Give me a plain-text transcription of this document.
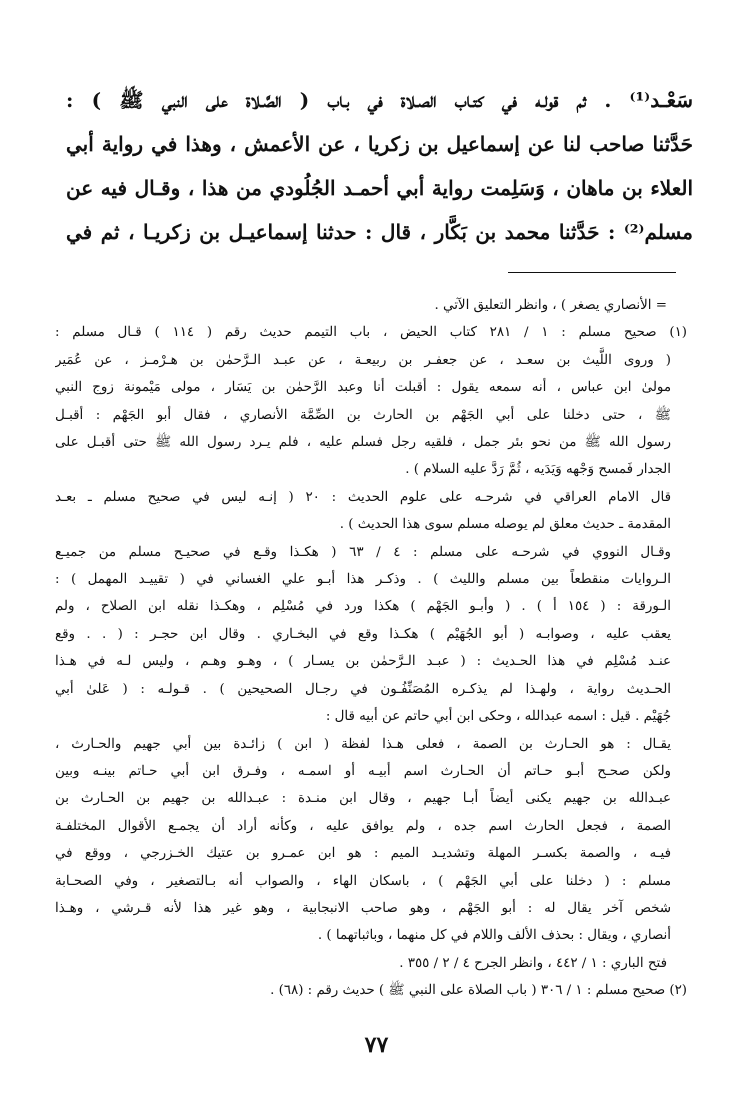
سَعْـد⁽¹⁾ . ثم قولـه في كتـاب الصـلاة في بـاب ( الصَّـلاة على النبي ﷺ ) :
حَدَّثنا صاحب لنا عن إسماعيل بن زكريا ، عن الأعمش ، وهذا في رواية أبي
العلاء بن ماهان ، وَسَلِمت رواية أبي أحمـد الجُلُودي من هذا ، وقـال فيه عن
مسلم⁽²⁾ : حَدَّثنا محمد بن بَكَّار ، قال : حدثنا إسماعيـل بن زكريـا ، ثم في
= الأنصاري يصغر ) ، وانظر التعليق الآتي .
(١) صحيح مسلم : ١ / ٢٨١ كتاب الحيض ، باب التيمم حديث رقم ( ١١٤ ) قـال مسلم :
( وروى اللَّيث بن سعـد ، عن جعفـر بن ربيعـة ، عن عبـد الـرَّحمٰن بن هـرْمـز ، عن عُمَير
مولىٰ ابن عباس ، أنه سمعه يقول : أقبلت أنا وعبد الرَّحمٰن بن يَسَار ، مولى مَيْمونة زوج النبي
ﷺ ، حتى دخلنا على أبي الجَهْم بن الحارث بن الصِّمَّة الأنصاري ، فقال أبو الجَهْم : أقبـل
رسول الله ﷺ من نحو بئر جمل ، فلقيه رجل فسلم عليه ، فلم يـرد رسول الله ﷺ حتى أقبـل على
الجدار فَمسح وَجْهه وَيَدَيه ، ثُمَّ رَدَّ عليه السلام ) .
قال الامام العراقي في شرحـه على علوم الحديث : ٢٠ ( إنـه ليس في صحيح مسلم ـ بعـد
المقدمة ـ حديث معلق لم يوصله مسلم سوى هذا الحديث ) .
وقـال النووي في شرحـه على مسلم : ٤ / ٦٣ ( هكـذا وقـع في صحيـح مسلم من جميـع
الـروايات منقطعاً بين مسلم والليث ) . وذكـر هذا أبـو علي الغساني في ( تقييـد المهمل ) :
الـورقة : ( ١٥٤ أ ) . ( وأبـو الجَهْم ) هكذا ورد في مُسْلِم ، وهكـذا نقله ابن الصلاح ، ولم
يعقب عليه ، وصوابـه ( أبو الجُهَيْم ) هكـذا وقع في البخـاري . وقال ابن حجـر : ( . . وقع
عنـد مُسْلِم في هذا الحـديث : ( عبـد الـرَّحمٰن بن يسـار ) ، وهـو وهـم ، وليس لـه في هـذا
الحـديث رواية ، ولهـذا لم يذكـره المُصَنِّفُـون في رجـال الصحيحين ) . قـولـه : ( عَلىٰ أبي
جُهَيْم . قيل : اسمه عبدالله ، وحكى ابن أبي حاتم عن أبيه قال :
يقـال : هو الحـارث بن الصمة ، فعلى هـذا لفظة ( ابن ) زائـدة بين أبي جهيم والحـارث ،
ولكن صحـح أبـو حـاتم أن الحـارث اسم أبيـه أو اسمـه ، وفـرق ابن أبي حـاتم بينـه وبين
عبـدالله بن جهيم يكنى أيضاً أبـا جهيم ، وقال ابن منـدة : عبـدالله بن جهيم بن الحـارث بن
الصمة ، فجعل الحارث اسم جده ، ولم يوافق عليه ، وكأنه أراد أن يجمـع الأقوال المختلفـة
فيـه ، والصمة بكسـر المهلة وتشديـد الميم : هو ابن عمـرو بن عتيك الخـزرجي ، ووقع في
مسلم : ( دخلنا على أبي الجَهْم ) ، باسكان الهاء ، والصواب أنه بـالتصغير ، وفي الصحـابة
شخص آخر يقال له : أبو الجَهْم ، وهو صاحب الانبجابية ، وهو غير هذا لأنه قـرشي ، وهـذا
أنصاري ، ويقال : بحذف الألف واللام في كل منهما ، وباثباتهما ) .
فتح الباري : ١ / ٤٤٢ ، وانظر الجرح ٤ / ٢ / ٣٥٥ .
(٢) صحيح مسلم : ١ / ٣٠٦ ( باب الصلاة على النبي ﷺ ) حديث رقم : (٦٨) .
٧٧
